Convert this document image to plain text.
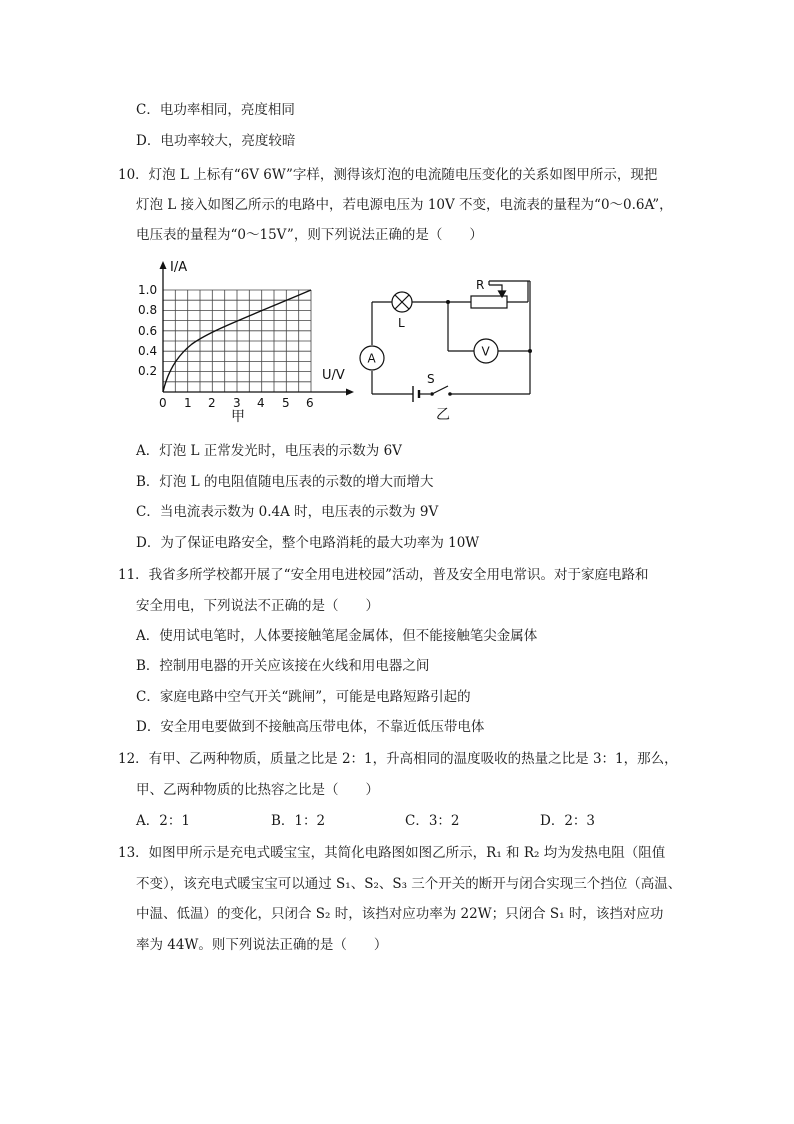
C．电功率相同，亮度相同
D．电功率较大，亮度较暗
10．灯泡 L 上标有“6V 6W”字样，测得该灯泡的电流随电压变化的关系如图甲所示，现把
灯泡 L 接入如图乙所示的电路中，若电源电压为 10V 不变，电流表的量程为“0～0.6A”，
电压表的量程为“0～15V”，则下列说法正确的是（　　）
I/A
U/V
1.0
0.8
0.6
0.4
0.2
0 1 2 3 4 5 6
甲
L
R
A	V
S
乙
A．灯泡 L 正常发光时，电压表的示数为 6V
B．灯泡 L 的电阻值随电压表的示数的增大而增大
C．当电流表示数为 0.4A 时，电压表的示数为 9V
D．为了保证电路安全，整个电路消耗的最大功率为 10W
11．我省多所学校都开展了“安全用电进校园”活动，普及安全用电常识。对于家庭电路和
安全用电，下列说法不正确的是（　　）
A．使用试电笔时，人体要接触笔尾金属体，但不能接触笔尖金属体
B．控制用电器的开关应该接在火线和用电器之间
C．家庭电路中空气开关“跳闸”，可能是电路短路引起的
D．安全用电要做到不接触高压带电体，不靠近低压带电体
12．有甲、乙两种物质，质量之比是 2：1，升高相同的温度吸收的热量之比是 3：1，那么，
甲、乙两种物质的比热容之比是（　　）
A．2：1	B．1：2	C．3：2	D．2：3
13．如图甲所示是充电式暖宝宝，其简化电路图如图乙所示，R₁ 和 R₂ 均为发热电阻（阻值
不变），该充电式暖宝宝可以通过 S₁、S₂、S₃ 三个开关的断开与闭合实现三个挡位（高温、
中温、低温）的变化，只闭合 S₂ 时，该挡对应功率为 22W；只闭合 S₁ 时，该挡对应功
率为 44W。则下列说法正确的是（　　）
